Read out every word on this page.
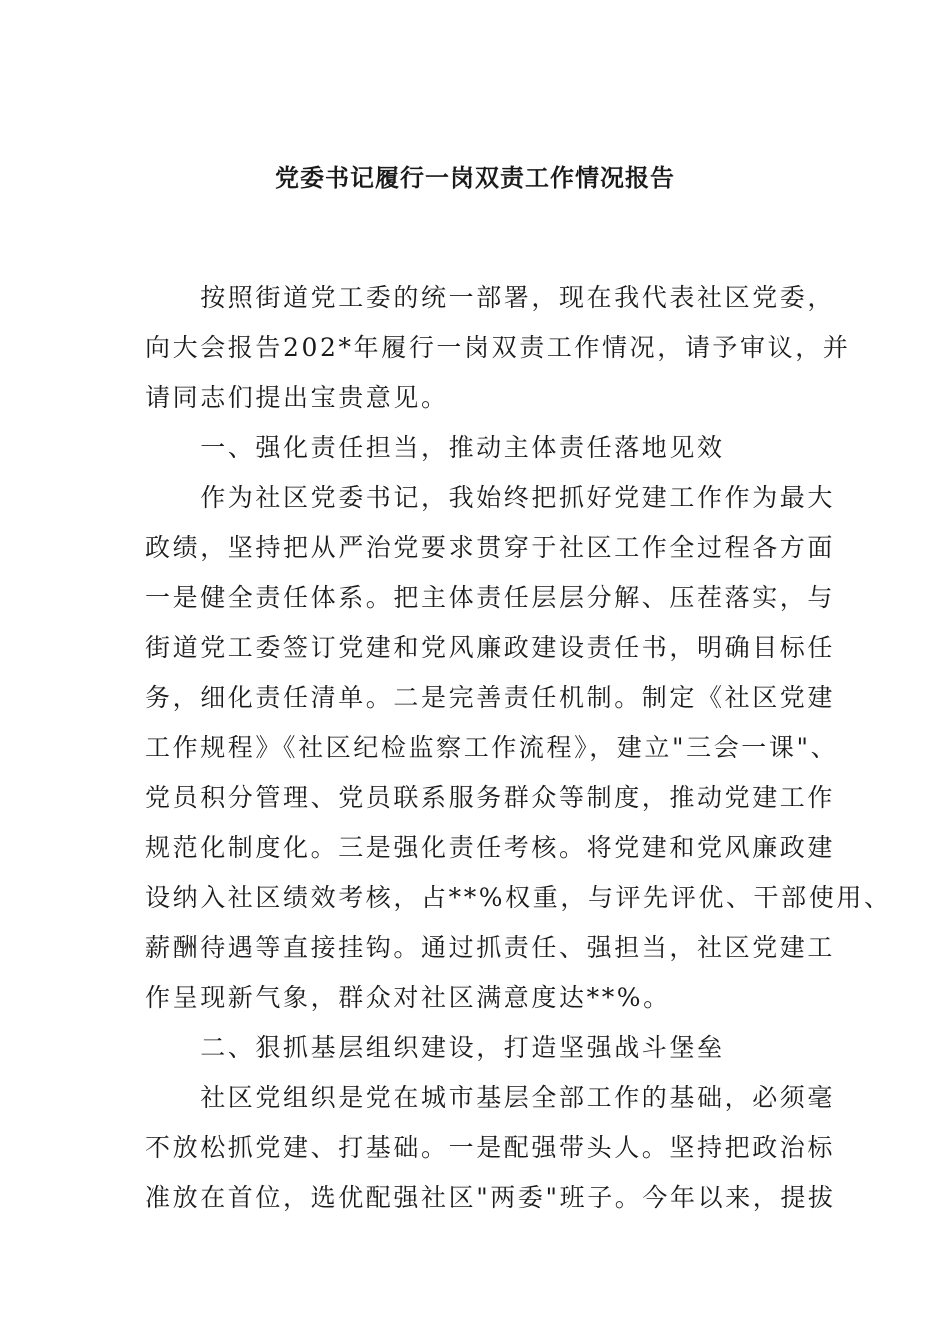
党委书记履行一岗双责工作情况报告
　　按照街道党工委的统一部署，现在我代表社区党委，
向大会报告202*年履行一岗双责工作情况，请予审议，并
请同志们提出宝贵意见。
　　一、强化责任担当，推动主体责任落地见效
　　作为社区党委书记，我始终把抓好党建工作作为最大
政绩，坚持把从严治党要求贯穿于社区工作全过程各方面
一是健全责任体系。把主体责任层层分解、压茬落实，与
街道党工委签订党建和党风廉政建设责任书，明确目标任
务，细化责任清单。二是完善责任机制。制定《社区党建
工作规程》《社区纪检监察工作流程》，建立"三会一课"、
党员积分管理、党员联系服务群众等制度，推动党建工作
规范化制度化。三是强化责任考核。将党建和党风廉政建
设纳入社区绩效考核，占**%权重，与评先评优、干部使用、
薪酬待遇等直接挂钩。通过抓责任、强担当，社区党建工
作呈现新气象，群众对社区满意度达**%。
　　二、狠抓基层组织建设，打造坚强战斗堡垒
　　社区党组织是党在城市基层全部工作的基础，必须毫
不放松抓党建、打基础。一是配强带头人。坚持把政治标
准放在首位，选优配强社区"两委"班子。今年以来，提拔
